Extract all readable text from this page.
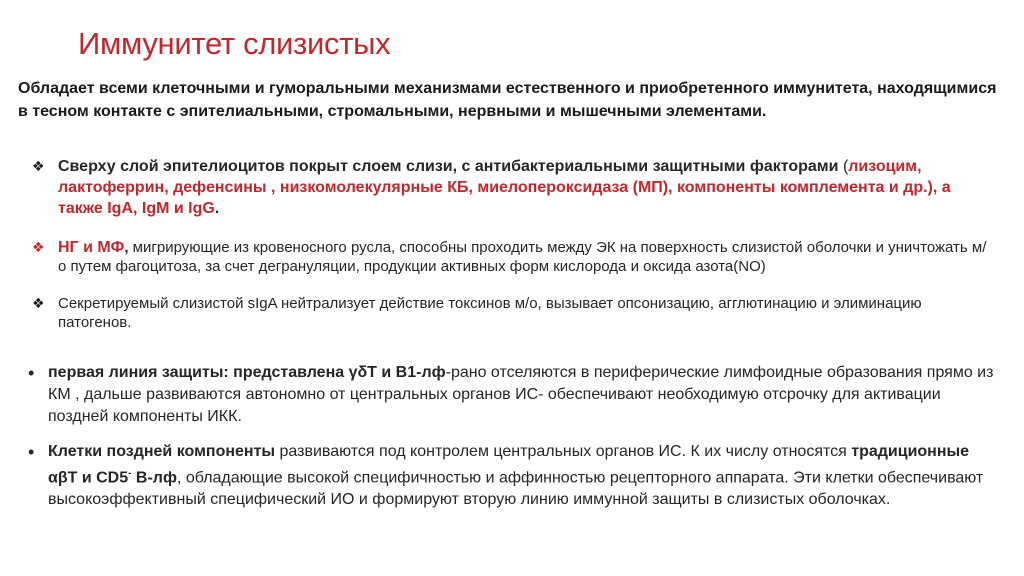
Иммунитет слизистых
Обладает всеми клеточными и гуморальными механизмами естественного и приобретенного иммунитета, находящимися в тесном контакте с эпителиальными, стромальными, нервными и мышечными элементами.
❖ Сверху слой эпителиоцитов покрыт слоем слизи, с антибактериальными защитными факторами (лизоцим, лактоферрин, дефенсины , низкомолекулярные КБ, миелопероксидаза (МП), компоненты комплемента и др.), а также IgA, IgM и IgG.
❖ НГ и МФ, мигрирующие из кровеносного русла, способны проходить между ЭК на поверхность слизистой оболочки и уничтожать м/о путем фагоцитоза, за счет дегрануляции, продукции активных форм кислорода и оксида азота(NO)
❖ Секретируемый слизистой sIgA нейтрализует действие токсинов м/о, вызывает опсонизацию, агглютинацию и элиминацию патогенов.
• первая линия защиты: представлена γδТ и В1-лф-рано отселяются в периферические лимфоидные образования прямо из КМ , дальше развиваются автономно от центральных органов ИС- обеспечивают необходимую отсрочку для активации поздней компоненты ИКК.
• Клетки поздней компоненты развиваются под контролем центральных органов ИС. К их числу относятся традиционные αβТ и CD5- В-лф, обладающие высокой специфичностью и аффинностью рецепторного аппарата. Эти клетки обеспечивают высокоэффективный специфический ИО и формируют вторую линию иммунной защиты в слизистых оболочках.
